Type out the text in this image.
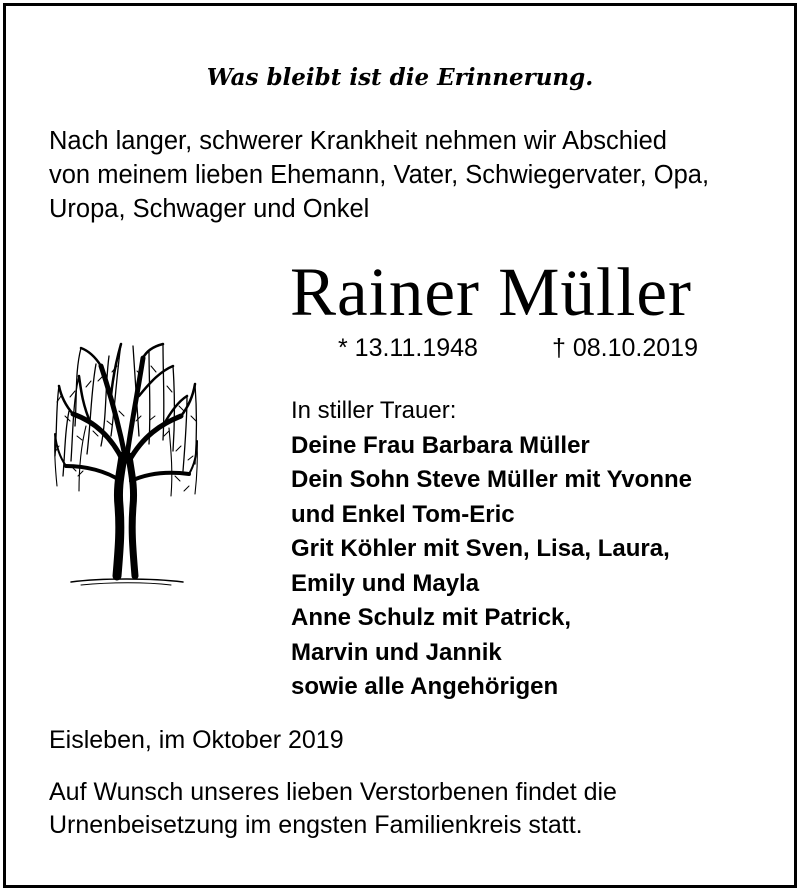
Was bleibt ist die Erinnerung.
Nach langer, schwerer Krankheit nehmen wir Abschied
von meinem lieben Ehemann, Vater, Schwiegervater, Opa,
Uropa, Schwager und Onkel
Rainer Müller
* 13.11.1948	† 08.10.2019
In stiller Trauer:
Deine Frau Barbara Müller
Dein Sohn Steve Müller mit Yvonne
und Enkel Tom-Eric
Grit Köhler mit Sven, Lisa, Laura,
Emily und Mayla
Anne Schulz mit Patrick,
Marvin und Jannik
sowie alle Angehörigen
Eisleben, im Oktober 2019
Auf Wunsch unseres lieben Verstorbenen findet die
Urnenbeisetzung im engsten Familienkreis statt.
